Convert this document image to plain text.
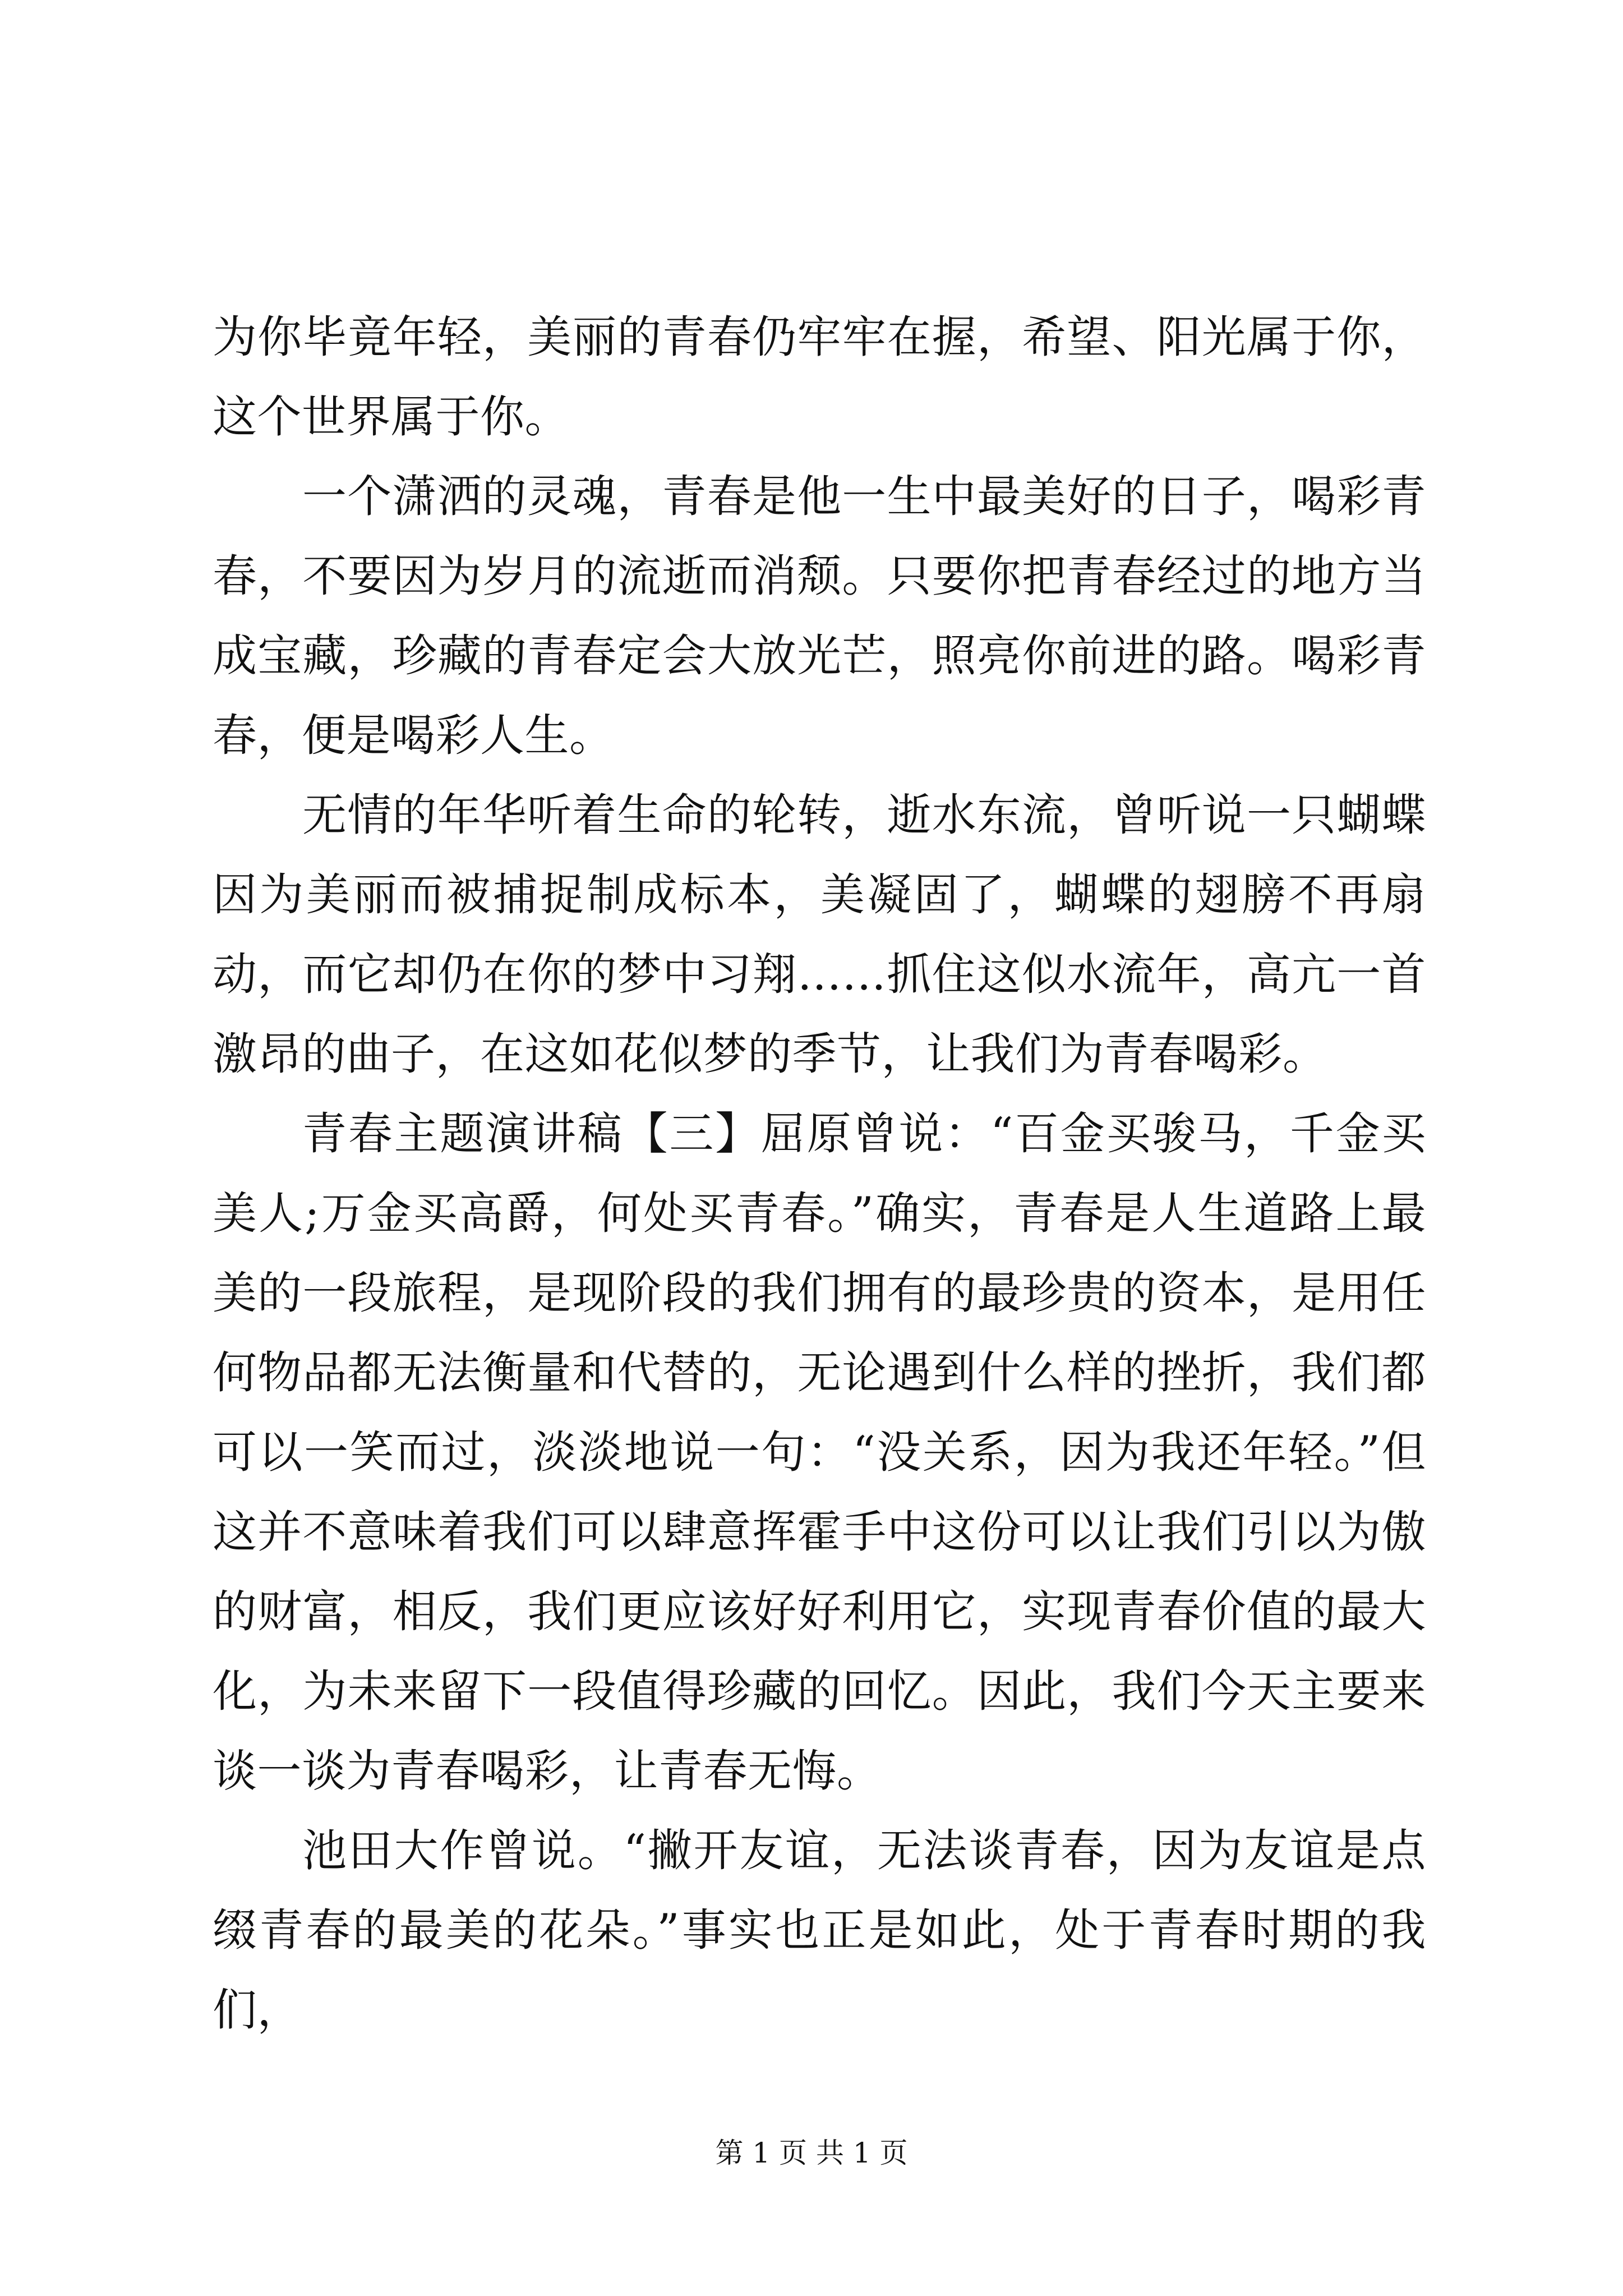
为你毕竟年轻，美丽的青春仍牢牢在握，希望、阳光属于你，这个世界属于你。

一个潇洒的灵魂，青春是他一生中最美好的日子，喝彩青春，不要因为岁月的流逝而消颓。只要你把青春经过的地方当成宝藏，珍藏的青春定会大放光芒，照亮你前进的路。喝彩青春，便是喝彩人生。

无情的年华听着生命的轮转，逝水东流，曾听说一只蝴蝶因为美丽而被捕捉制成标本，美凝固了，蝴蝶的翅膀不再扇动，而它却仍在你的梦中习翔……抓住这似水流年，高亢一首激昂的曲子，在这如花似梦的季节，让我们为青春喝彩。

青春主题演讲稿【三】屈原曾说：“百金买骏马，千金买美人;万金买高爵，何处买青春。”确实，青春是人生道路上最美的一段旅程，是现阶段的我们拥有的最珍贵的资本，是用任何物品都无法衡量和代替的，无论遇到什么样的挫折，我们都可以一笑而过，淡淡地说一句：“没关系，因为我还年轻。”但这并不意味着我们可以肆意挥霍手中这份可以让我们引以为傲的财富，相反，我们更应该好好利用它，实现青春价值的最大化，为未来留下一段值得珍藏的回忆。因此，我们今天主要来谈一谈为青春喝彩，让青春无悔。

池田大作曾说。“撇开友谊，无法谈青春，因为友谊是点缀青春的最美的花朵。”事实也正是如此，处于青春时期的我们，

第 1 页 共 1 页
